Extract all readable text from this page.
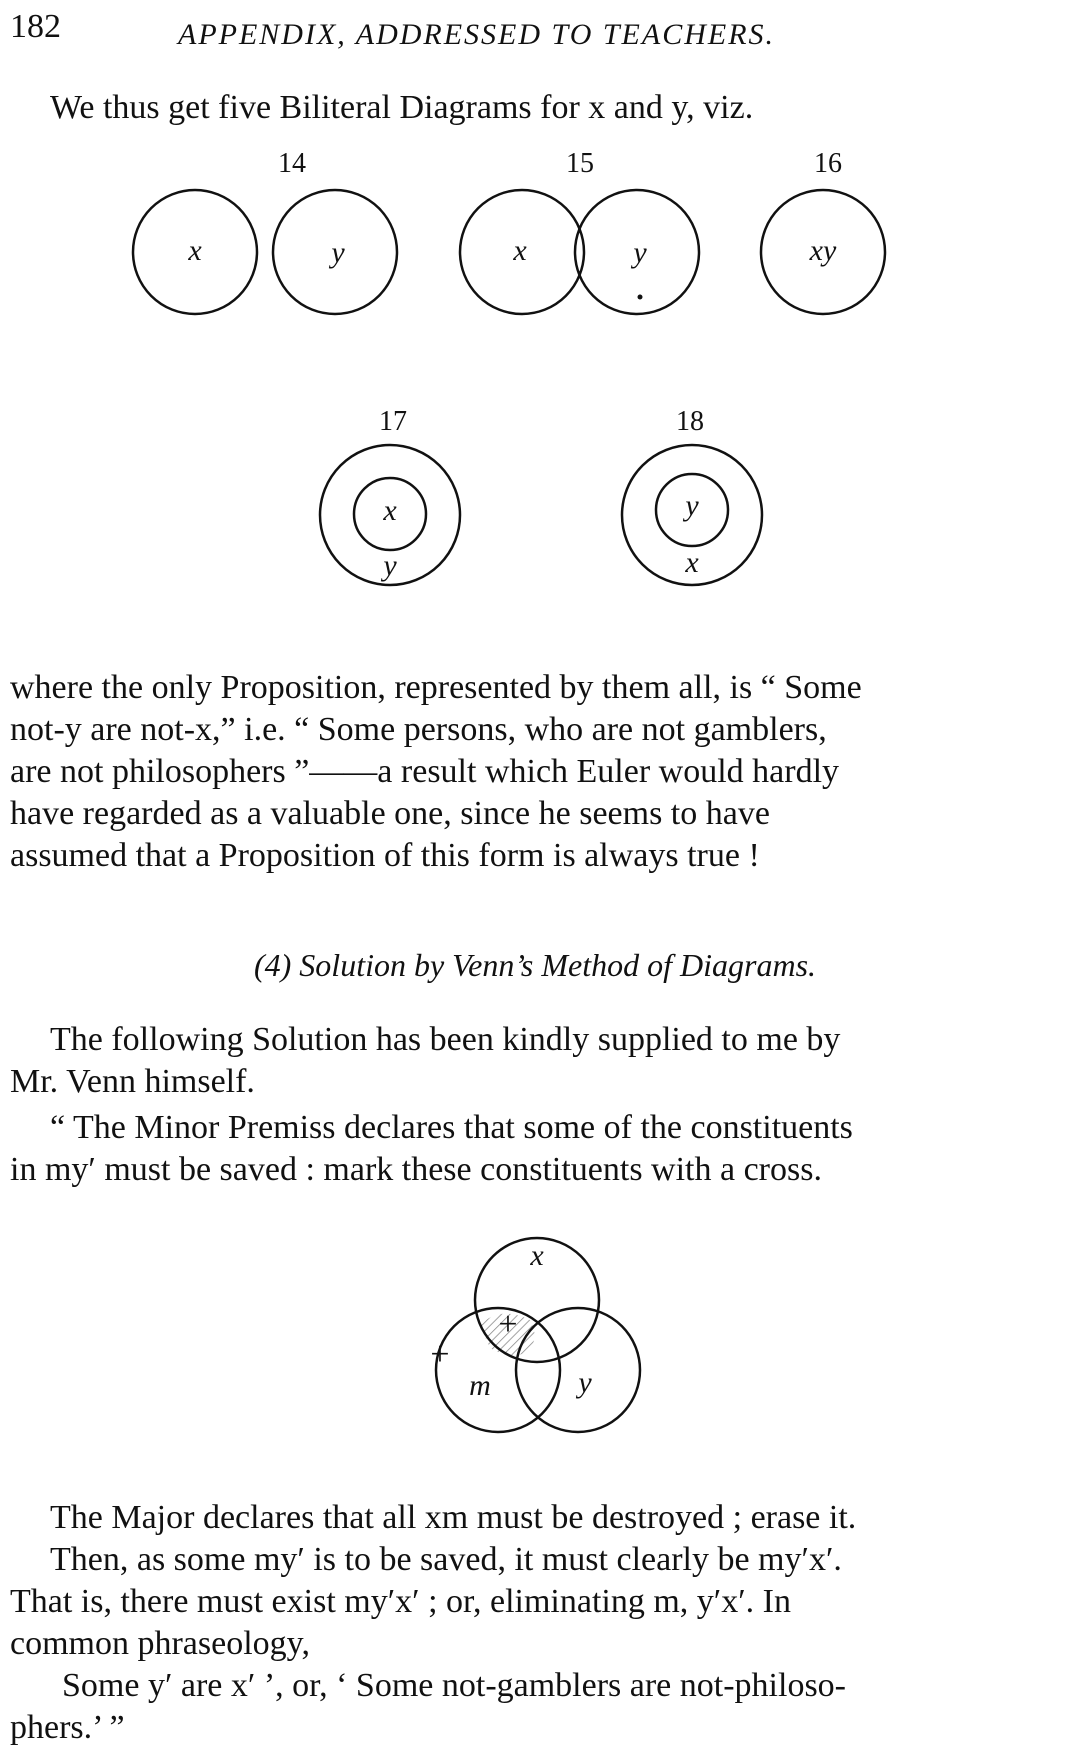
182	APPENDIX, ADDRESSED TO TEACHERS.
We thus get five Biliteral Diagrams for x and y, viz.
14	15	16
17	18
x	y	x	y	xy
x
y
y
x
where the only Proposition, represented by them all, is “ Some
not-y are not-x,” i.e. “ Some persons, who are not gamblers,
are not philosophers ”——a result which Euler would hardly
have regarded as a valuable one, since he seems to have
assumed that a Proposition of this form is always true !
(4) Solution by Venn’s Method of Diagrams.
The following Solution has been kindly supplied to me by
Mr. Venn himself.
“ The Minor Premiss declares that some of the constituents
in my′ must be saved : mark these constituents with a cross.
x
m	y
+
+
The Major declares that all xm must be destroyed ; erase it.
Then, as some my′ is to be saved, it must clearly be my′x′.
That is, there must exist my′x′ ; or, eliminating m, y′x′. In
common phraseology,
Some y′ are x′ ’, or, ‘ Some not-gamblers are not-philoso-
phers.’ ”
